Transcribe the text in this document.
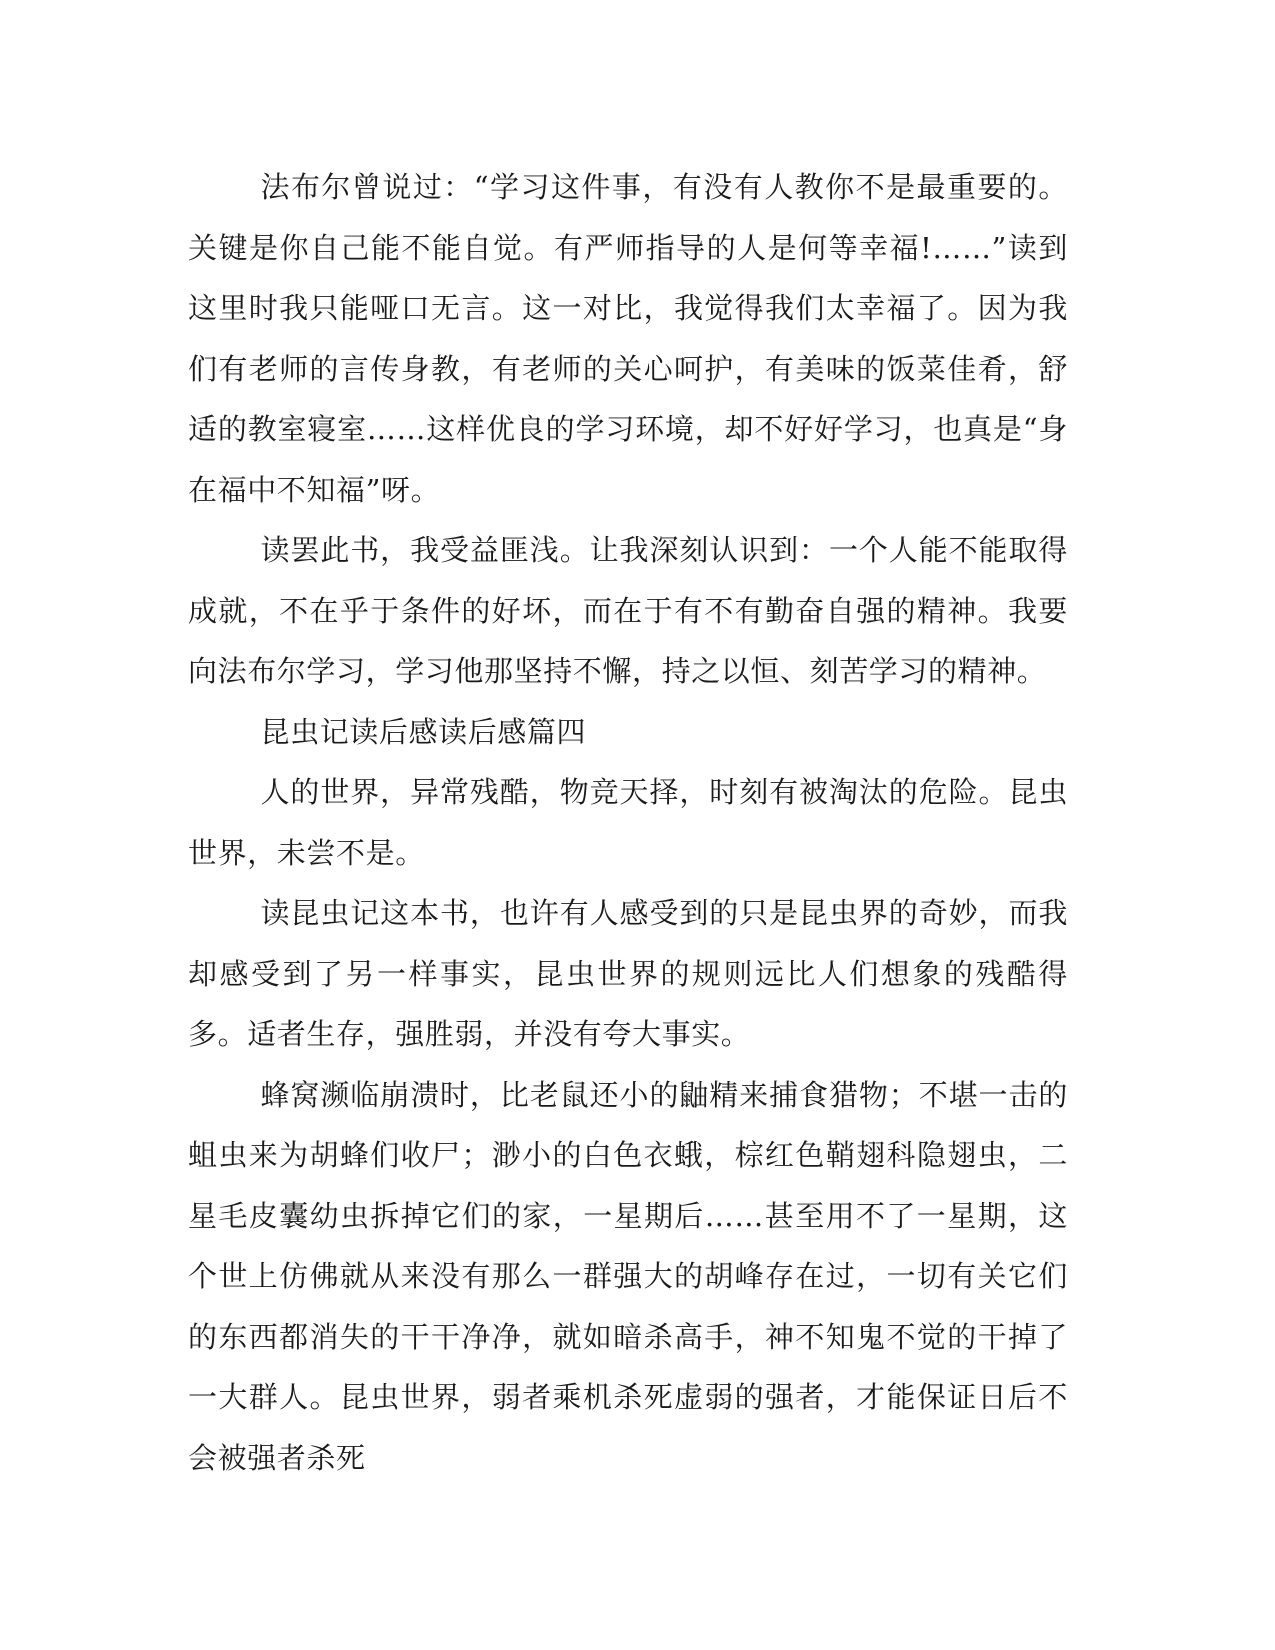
法布尔曾说过：“学习这件事，有没有人教你不是最重要的。关键是你自己能不能自觉。有严师指导的人是何等幸福!……”读到这里时我只能哑口无言。这一对比，我觉得我们太幸福了。因为我们有老师的言传身教，有老师的关心呵护，有美味的饭菜佳肴，舒适的教室寝室……这样优良的学习环境，却不好好学习，也真是“身在福中不知福”呀。

读罢此书，我受益匪浅。让我深刻认识到：一个人能不能取得成就，不在乎于条件的好坏，而在于有不有勤奋自强的精神。我要向法布尔学习，学习他那坚持不懈，持之以恒、刻苦学习的精神。

昆虫记读后感读后感篇四

人的世界，异常残酷，物竞天择，时刻有被淘汰的危险。昆虫世界，未尝不是。

读昆虫记这本书，也许有人感受到的只是昆虫界的奇妙，而我却感受到了另一样事实，昆虫世界的规则远比人们想象的残酷得多。适者生存，强胜弱，并没有夸大事实。

蜂窝濒临崩溃时，比老鼠还小的鼬精来捕食猎物；不堪一击的蛆虫来为胡蜂们收尸；渺小的白色衣蛾，棕红色鞘翅科隐翅虫，二星毛皮囊幼虫拆掉它们的家，一星期后……甚至用不了一星期，这个世上仿佛就从来没有那么一群强大的胡峰存在过，一切有关它们的东西都消失的干干净净，就如暗杀高手，神不知鬼不觉的干掉了一大群人。昆虫世界，弱者乘机杀死虚弱的强者，才能保证日后不会被强者杀死
